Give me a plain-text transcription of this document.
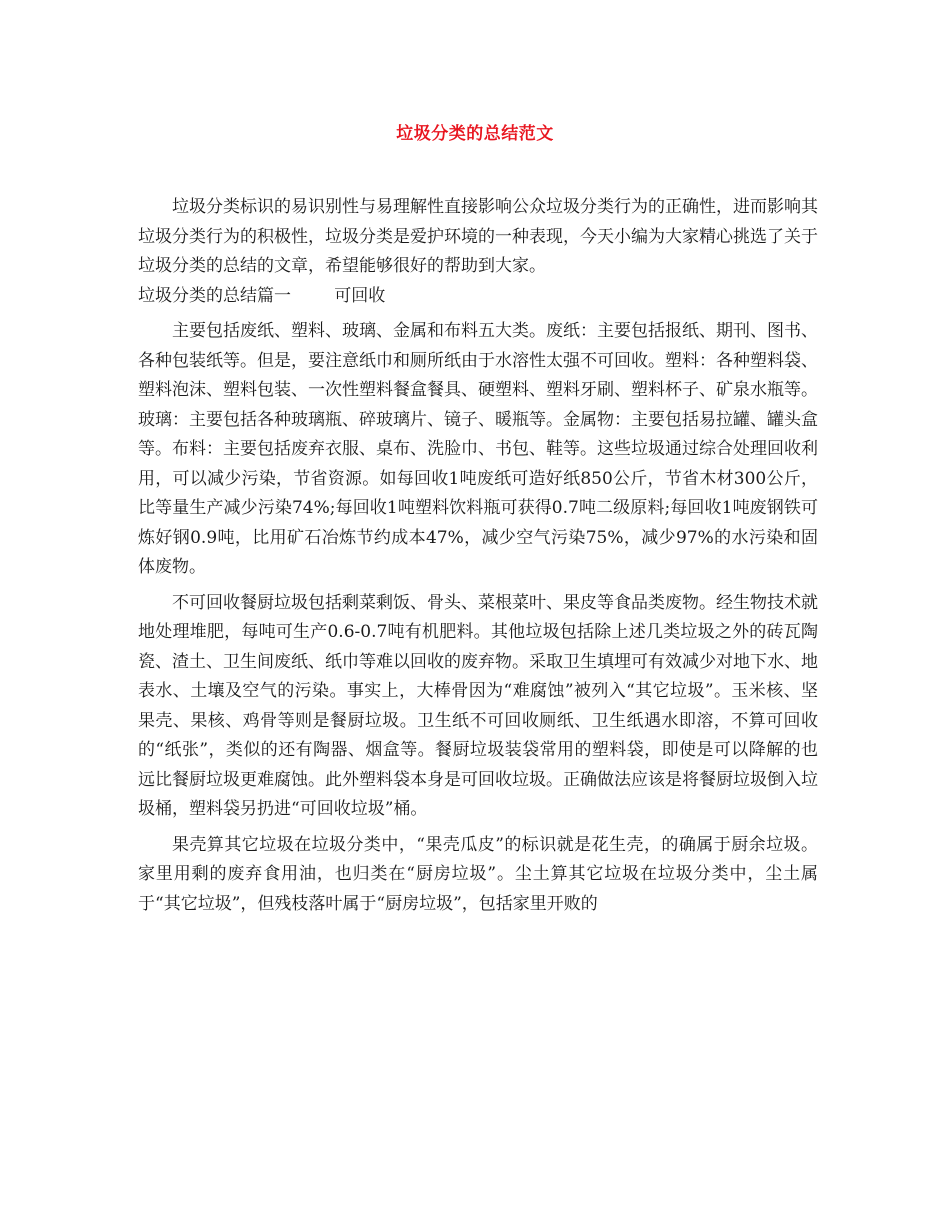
垃圾分类的总结范文

垃圾分类标识的易识别性与易理解性直接影响公众垃圾分类行为的正确性，进而影响其垃圾分类行为的积极性，垃圾分类是爱护环境的一种表现，今天小编为大家精心挑选了关于垃圾分类的总结的文章，希望能够很好的帮助到大家。

垃圾分类的总结篇一	可回收

主要包括废纸、塑料、玻璃、金属和布料五大类。废纸：主要包括报纸、期刊、图书、各种包装纸等。但是，要注意纸巾和厕所纸由于水溶性太强不可回收。塑料：各种塑料袋、塑料泡沫、塑料包装、一次性塑料餐盒餐具、硬塑料、塑料牙刷、塑料杯子、矿泉水瓶等。玻璃：主要包括各种玻璃瓶、碎玻璃片、镜子、暖瓶等。金属物：主要包括易拉罐、罐头盒等。布料：主要包括废弃衣服、桌布、洗脸巾、书包、鞋等。这些垃圾通过综合处理回收利用，可以减少污染，节省资源。如每回收1吨废纸可造好纸850公斤，节省木材300公斤，比等量生产减少污染74%;每回收1吨塑料饮料瓶可获得0.7吨二级原料;每回收1吨废钢铁可炼好钢0.9吨，比用矿石冶炼节约成本47%，减少空气污染75%，减少97%的水污染和固体废物。

不可回收餐厨垃圾包括剩菜剩饭、骨头、菜根菜叶、果皮等食品类废物。经生物技术就地处理堆肥，每吨可生产0.6-0.7吨有机肥料。其他垃圾包括除上述几类垃圾之外的砖瓦陶瓷、渣土、卫生间废纸、纸巾等难以回收的废弃物。采取卫生填埋可有效减少对地下水、地表水、土壤及空气的污染。事实上，大棒骨因为“难腐蚀”被列入“其它垃圾”。玉米核、坚果壳、果核、鸡骨等则是餐厨垃圾。卫生纸不可回收厕纸、卫生纸遇水即溶，不算可回收的“纸张”，类似的还有陶器、烟盒等。餐厨垃圾装袋常用的塑料袋，即使是可以降解的也远比餐厨垃圾更难腐蚀。此外塑料袋本身是可回收垃圾。正确做法应该是将餐厨垃圾倒入垃圾桶，塑料袋另扔进“可回收垃圾”桶。

果壳算其它垃圾在垃圾分类中，“果壳瓜皮”的标识就是花生壳，的确属于厨余垃圾。家里用剩的废弃食用油，也归类在“厨房垃圾”。尘土算其它垃圾在垃圾分类中，尘土属于“其它垃圾”，但残枝落叶属于“厨房垃圾”，包括家里开败的
